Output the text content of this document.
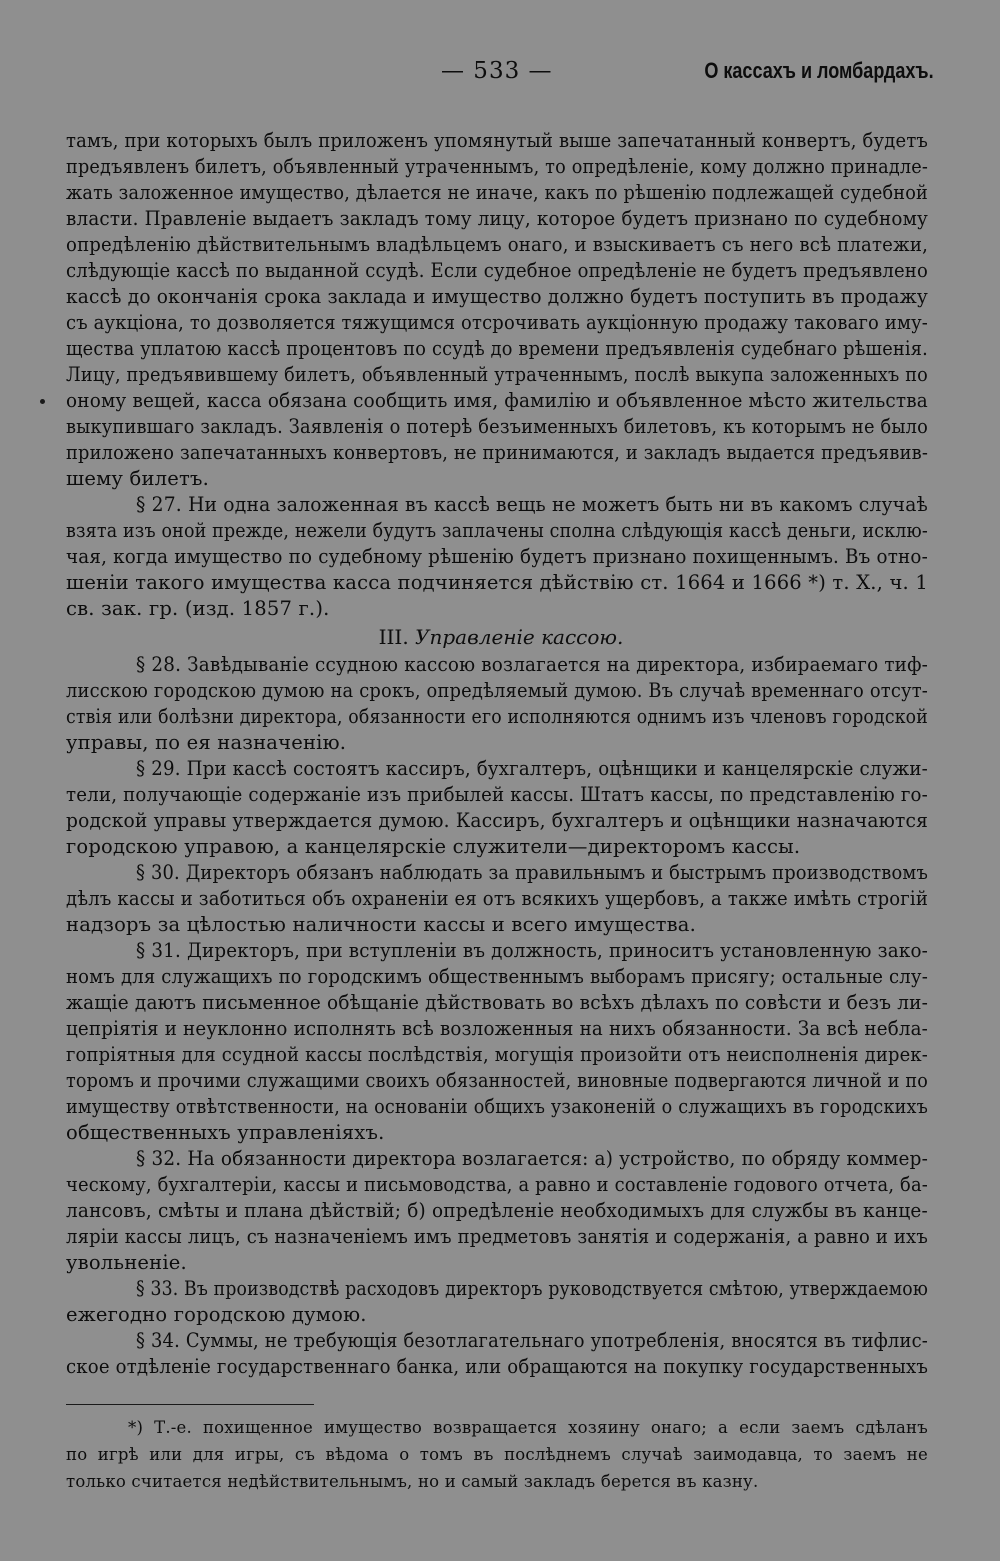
— 533 —	О кассахъ и ломбардахъ.
тамъ, при которыхъ былъ приложенъ упомянутый выше запечатанный конвертъ, будетъ
предъявленъ билетъ, объявленный утраченнымъ, то опредѣленіе, кому должно принадле-
жать заложенное имущество, дѣлается не иначе, какъ по рѣшенію подлежащей судебной
власти. Правленіе выдаетъ закладъ тому лицу, которое будетъ признано по судебному
опредѣленію дѣйствительнымъ владѣльцемъ онаго, и взыскиваетъ съ него всѣ платежи,
слѣдующіе кассѣ по выданной ссудѣ. Если судебное опредѣленіе не будетъ предъявлено
кассѣ до окончанія срока заклада и имущество должно будетъ поступить въ продажу
съ аукціона, то дозволяется тяжущимся отсрочивать аукціонную продажу таковаго иму-
щества уплатою кассѣ процентовъ по ссудѣ до времени предъявленія судебнаго рѣшенія.
Лицу, предъявившему билетъ, объявленный утраченнымъ, послѣ выкупа заложенныхъ по
оному вещей, касса обязана сообщить имя, фамилію и объявленное мѣсто жительства
выкупившаго закладъ. Заявленія о потерѣ безъименныхъ билетовъ, къ которымъ не было
приложено запечатанныхъ конвертовъ, не принимаются, и закладъ выдается предъявив-
шему билетъ.
§ 27. Ни одна заложенная въ кассѣ вещь не можетъ быть ни въ какомъ случаѣ
взята изъ оной прежде, нежели будутъ заплачены сполна слѣдующія кассѣ деньги, исклю-
чая, когда имущество по судебному рѣшенію будетъ признано похищеннымъ. Въ отно-
шеніи такого имущества касса подчиняется дѣйствію ст. 1664 и 1666 *) т. X., ч. 1
св. зак. гр. (изд. 1857 г.).
III. Управленіе кассою.
§ 28. Завѣдываніе ссудною кассою возлагается на директора, избираемаго тиф-
лисскою городскою думою на срокъ, опредѣляемый думою. Въ случаѣ временнаго отсут-
ствія или болѣзни директора, обязанности его исполняются однимъ изъ членовъ городской
управы, по ея назначенію.
§ 29. При кассѣ состоятъ кассиръ, бухгалтеръ, оцѣнщики и канцелярскіе служи-
тели, получающіе содержаніе изъ прибылей кассы. Штатъ кассы, по представленію го-
родской управы утверждается думою. Кассиръ, бухгалтеръ и оцѣнщики назначаются
городскою управою, а канцелярскіе служители—директоромъ кассы.
§ 30. Директоръ обязанъ наблюдать за правильнымъ и быстрымъ производствомъ
дѣлъ кассы и заботиться объ охраненіи ея отъ всякихъ ущербовъ, а также имѣть строгій
надзоръ за цѣлостью наличности кассы и всего имущества.
§ 31. Директоръ, при вступленіи въ должность, приноситъ установленную зако-
номъ для служащихъ по городскимъ общественнымъ выборамъ присягу; остальные слу-
жащіе даютъ письменное обѣщаніе дѣйствовать во всѣхъ дѣлахъ по совѣсти и безъ ли-
цепріятія и неуклонно исполнять всѣ возложенныя на нихъ обязанности. За всѣ небла-
гопріятныя для ссудной кассы послѣдствія, могущія произойти отъ неисполненія дирек-
торомъ и прочими служащими своихъ обязанностей, виновные подвергаются личной и по
имуществу отвѣтственности, на основаніи общихъ узаконеній о служащихъ въ городскихъ
общественныхъ управленіяхъ.
§ 32. На обязанности директора возлагается: а) устройство, по обряду коммер-
ческому, бухгалтеріи, кассы и письмоводства, а равно и составленіе годового отчета, ба-
лансовъ, смѣты и плана дѣйствій; б) опредѣленіе необходимыхъ для службы въ канце-
ляріи кассы лицъ, съ назначеніемъ имъ предметовъ занятія и содержанія, а равно и ихъ
увольненіе.
§ 33. Въ производствѣ расходовъ директоръ руководствуется смѣтою, утверждаемою
ежегодно городскою думою.
§ 34. Суммы, не требующія безотлагательнаго употребленія, вносятся въ тифлис-
ское отдѣленіе государственнаго банка, или обращаются на покупку государственныхъ
*) Т.-е. похищенное имущество возвращается хозяину онаго; а если заемъ сдѣланъ
по игрѣ или для игры, съ вѣдома о томъ въ послѣднемъ случаѣ заимодавца, то заемъ не
только считается недѣйствительнымъ, но и самый закладъ берется въ казну.
